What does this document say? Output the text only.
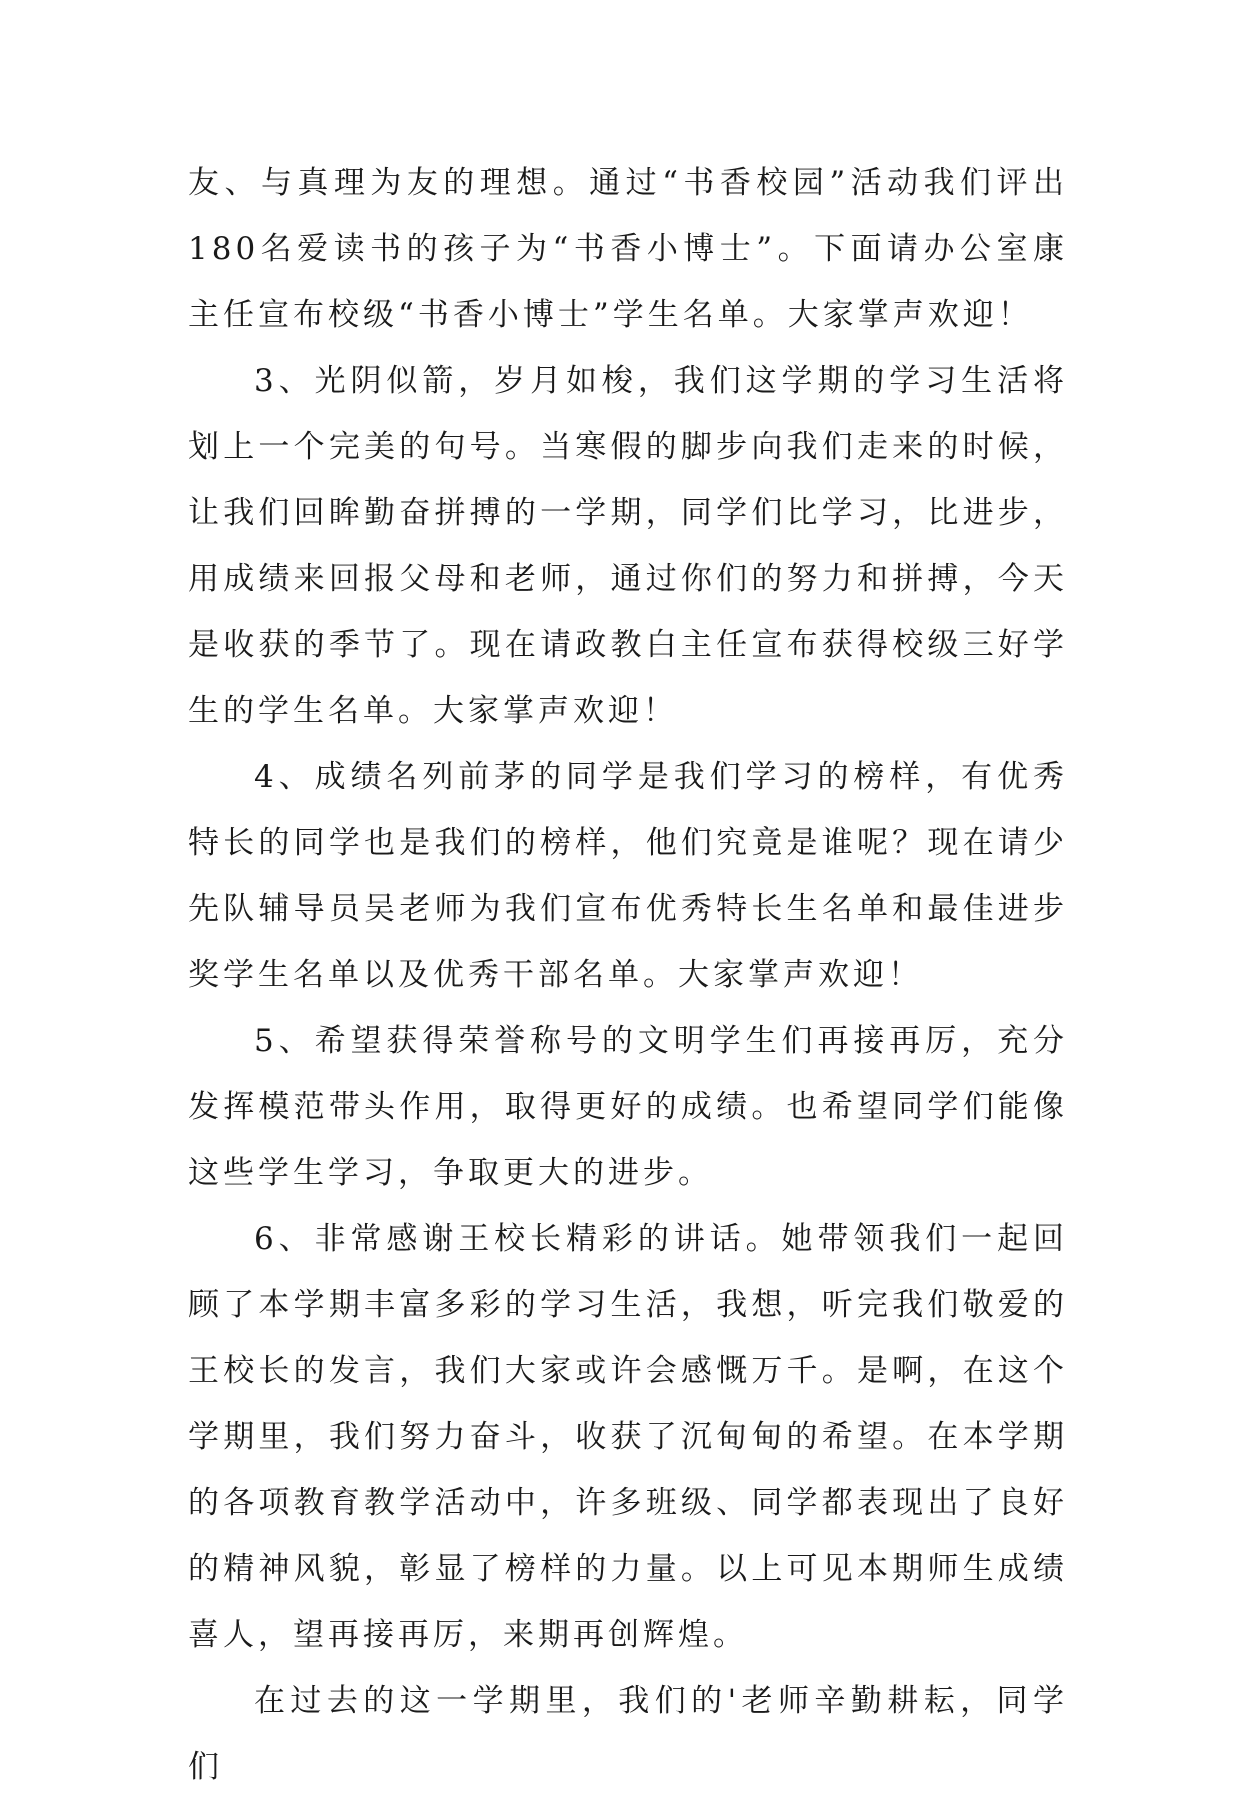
友、与真理为友的理想。通过“书香校园”活动我们评出180名爱读书的孩子为“书香小博士”。下面请办公室康主任宣布校级“书香小博士”学生名单。大家掌声欢迎！

3、光阴似箭，岁月如梭，我们这学期的学习生活将划上一个完美的句号。当寒假的脚步向我们走来的时候，让我们回眸勤奋拼搏的一学期，同学们比学习，比进步，用成绩来回报父母和老师，通过你们的努力和拼搏，今天是收获的季节了。现在请政教白主任宣布获得校级三好学生的学生名单。大家掌声欢迎！

4、成绩名列前茅的同学是我们学习的榜样，有优秀特长的同学也是我们的榜样，他们究竟是谁呢？现在请少先队辅导员吴老师为我们宣布优秀特长生名单和最佳进步奖学生名单以及优秀干部名单。大家掌声欢迎！

5、希望获得荣誉称号的文明学生们再接再厉，充分发挥模范带头作用，取得更好的成绩。也希望同学们能像这些学生学习，争取更大的进步。

6、非常感谢王校长精彩的讲话。她带领我们一起回顾了本学期丰富多彩的学习生活，我想，听完我们敬爱的王校长的发言，我们大家或许会感慨万千。是啊，在这个学期里，我们努力奋斗，收获了沉甸甸的希望。在本学期的各项教育教学活动中，许多班级、同学都表现出了良好的精神风貌，彰显了榜样的力量。以上可见本期师生成绩喜人，望再接再厉，来期再创辉煌。

在过去的这一学期里，我们的'老师辛勤耕耘，同学们
